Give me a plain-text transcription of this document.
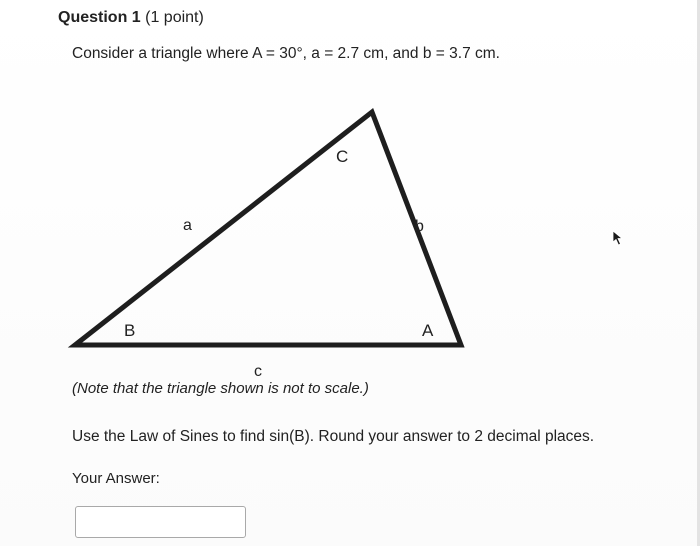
Question 1 (1 point)
Consider a triangle where A = 30°, a = 2.7 cm, and b = 3.7 cm.
C
a	b
B	A
c
(Note that the triangle shown is not to scale.)
Use the Law of Sines to find sin(B). Round your answer to 2 decimal places.
Your Answer:
